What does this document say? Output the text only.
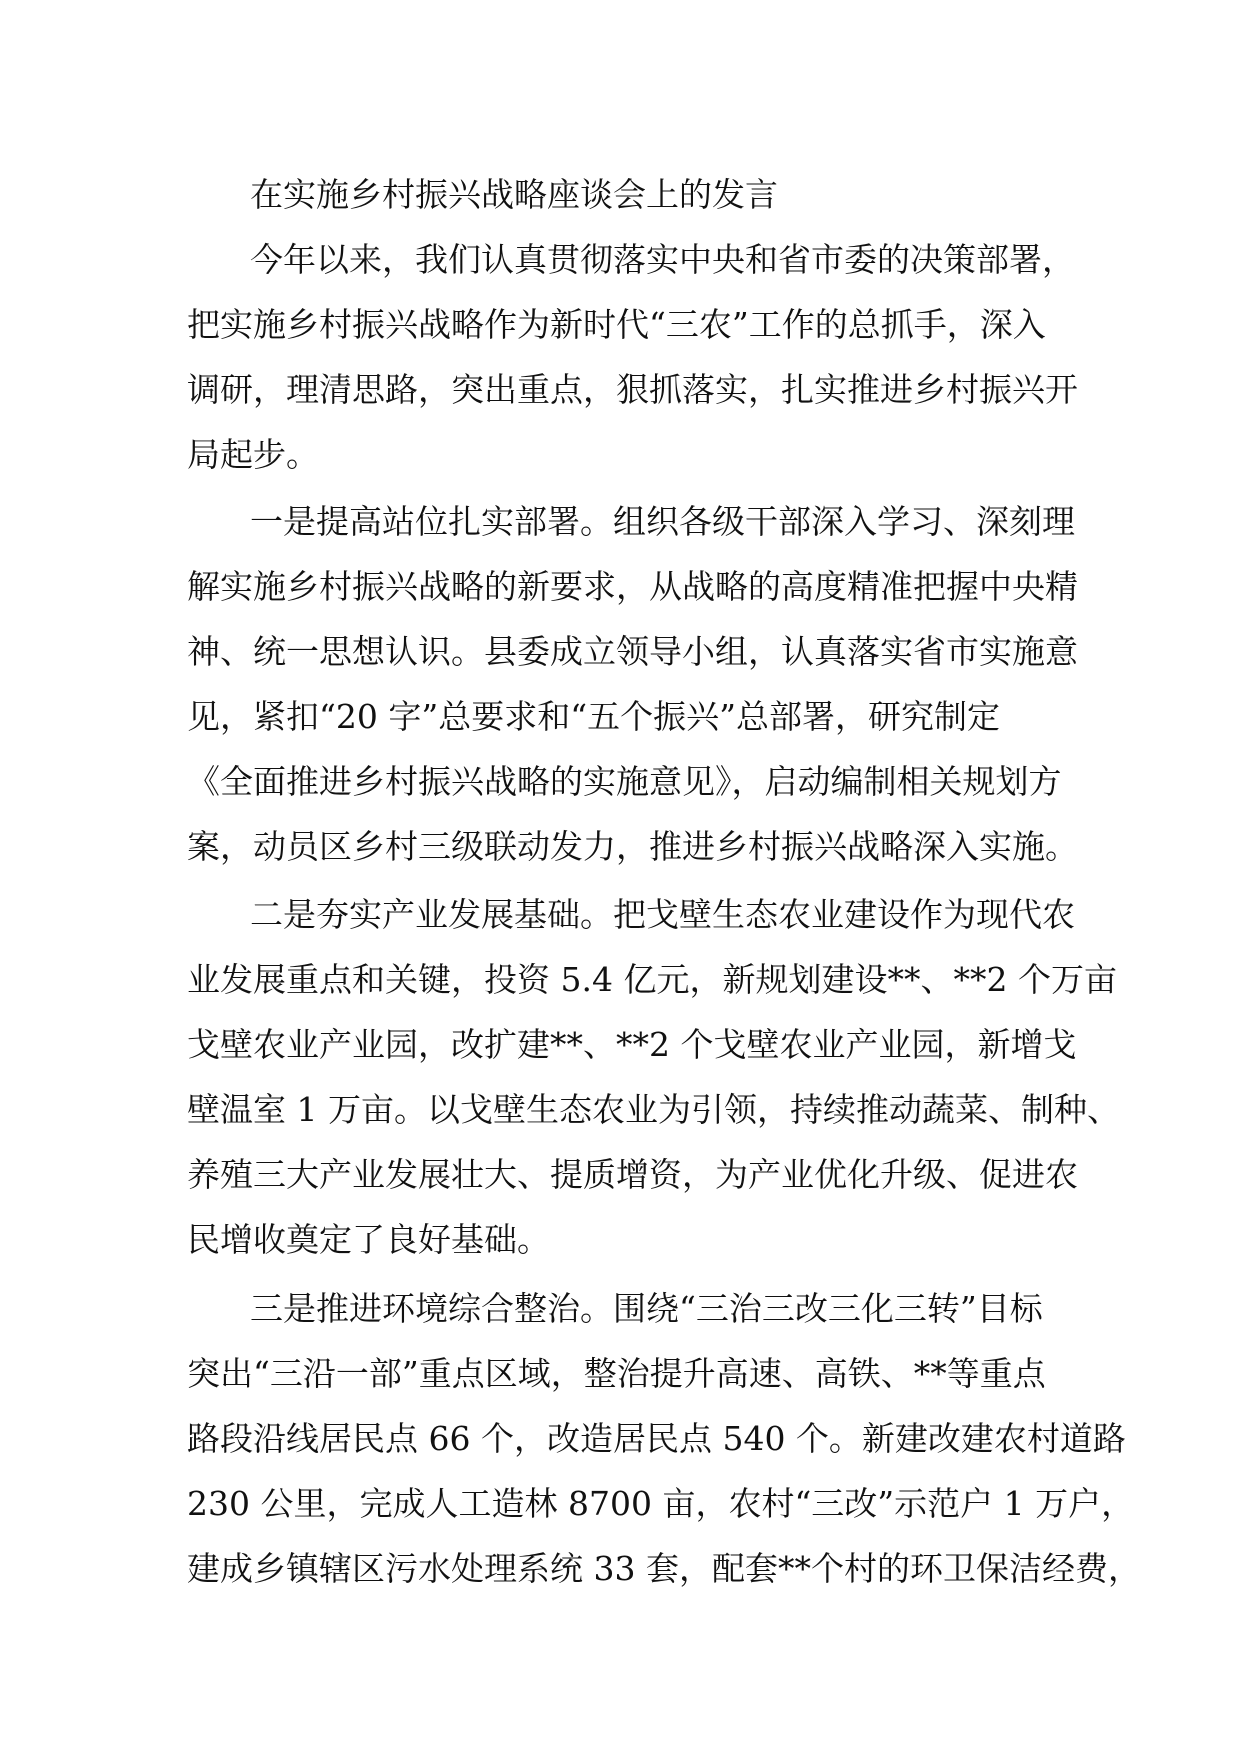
在实施乡村振兴战略座谈会上的发言
今年以来，我们认真贯彻落实中央和省市委的决策部署，
把实施乡村振兴战略作为新时代“三农”工作的总抓手，深入
调研，理清思路，突出重点，狠抓落实，扎实推进乡村振兴开
局起步。
一是提高站位扎实部署。组织各级干部深入学习、深刻理
解实施乡村振兴战略的新要求，从战略的高度精准把握中央精
神、统一思想认识。县委成立领导小组，认真落实省市实施意
见，紧扣“20 字”总要求和“五个振兴”总部署，研究制定
《全面推进乡村振兴战略的实施意见》，启动编制相关规划方
案，动员区乡村三级联动发力，推进乡村振兴战略深入实施。
二是夯实产业发展基础。把戈壁生态农业建设作为现代农
业发展重点和关键，投资 5.4 亿元，新规划建设**、**2 个万亩
戈壁农业产业园，改扩建**、**2 个戈壁农业产业园，新增戈
壁温室 1 万亩。以戈壁生态农业为引领，持续推动蔬菜、制种、
养殖三大产业发展壮大、提质增资，为产业优化升级、促进农
民增收奠定了良好基础。
三是推进环境综合整治。围绕“三治三改三化三转”目标
突出“三沿一部”重点区域，整治提升高速、高铁、**等重点
路段沿线居民点 66 个，改造居民点 540 个。新建改建农村道路
230 公里，完成人工造林 8700 亩，农村“三改”示范户 1 万户，
建成乡镇辖区污水处理系统 33 套，配套**个村的环卫保洁经费，
